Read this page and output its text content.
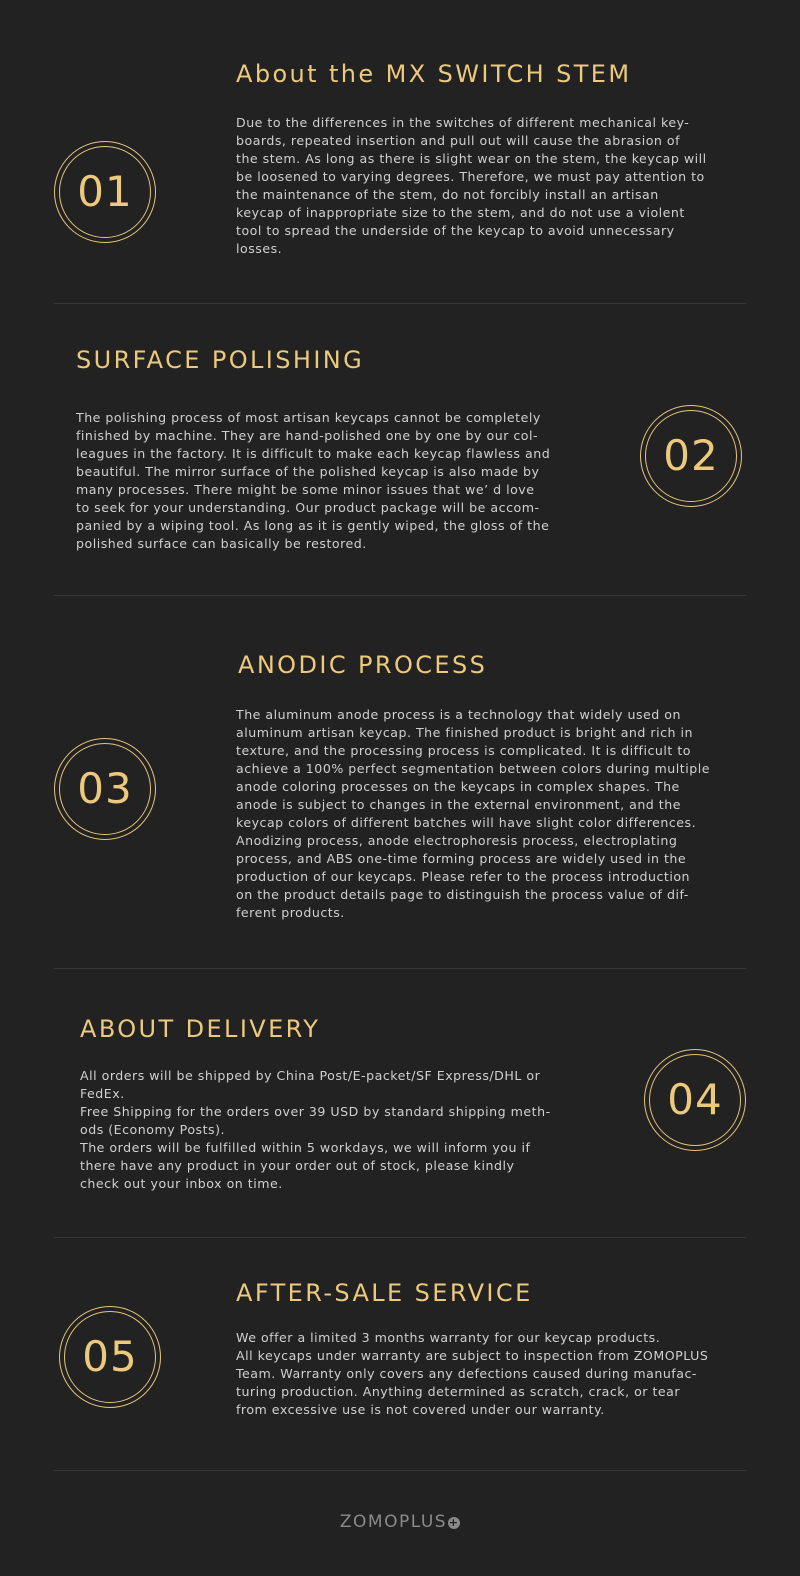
01
About the MX SWITCH STEM
Due to the differences in the switches of different mechanical key-
boards, repeated insertion and pull out will cause the abrasion of
the stem. As long as there is slight wear on the stem, the keycap will
be loosened to varying degrees. Therefore, we must pay attention to
the maintenance of the stem, do not forcibly install an artisan
keycap of inappropriate size to the stem, and do not use a violent
tool to spread the underside of the keycap to avoid unnecessary
losses.
02
SURFACE POLISHING
The polishing process of most artisan keycaps cannot be completely
finished by machine. They are hand-polished one by one by our col-
leagues in the factory. It is difficult to make each keycap flawless and
beautiful. The mirror surface of the polished keycap is also made by
many processes. There might be some minor issues that we’ d love
to seek for your understanding. Our product package will be accom-
panied by a wiping tool. As long as it is gently wiped, the gloss of the
polished surface can basically be restored.
03
ANODIC PROCESS
The aluminum anode process is a technology that widely used on
aluminum artisan keycap. The finished product is bright and rich in
texture, and the processing process is complicated. It is difficult to
achieve a 100% perfect segmentation between colors during multiple
anode coloring processes on the keycaps in complex shapes. The
anode is subject to changes in the external environment, and the
keycap colors of different batches will have slight color differences.
Anodizing process, anode electrophoresis process, electroplating
process, and ABS one-time forming process are widely used in the
production of our keycaps. Please refer to the process introduction
on the product details page to distinguish the process value of dif-
ferent products.
04
ABOUT DELIVERY
All orders will be shipped by China Post/E-packet/SF Express/DHL or
FedEx.
Free Shipping for the orders over 39 USD by standard shipping meth-
ods (Economy Posts).
The orders will be fulfilled within 5 workdays, we will inform you if
there have any product in your order out of stock, please kindly
check out your inbox on time.
05
AFTER-SALE SERVICE
We offer a limited 3 months warranty for our keycap products.
All keycaps under warranty are subject to inspection from ZOMOPLUS
Team. Warranty only covers any defections caused during manufac-
turing production. Anything determined as scratch, crack, or tear
from excessive use is not covered under our warranty.
ZOMOPLUS +
